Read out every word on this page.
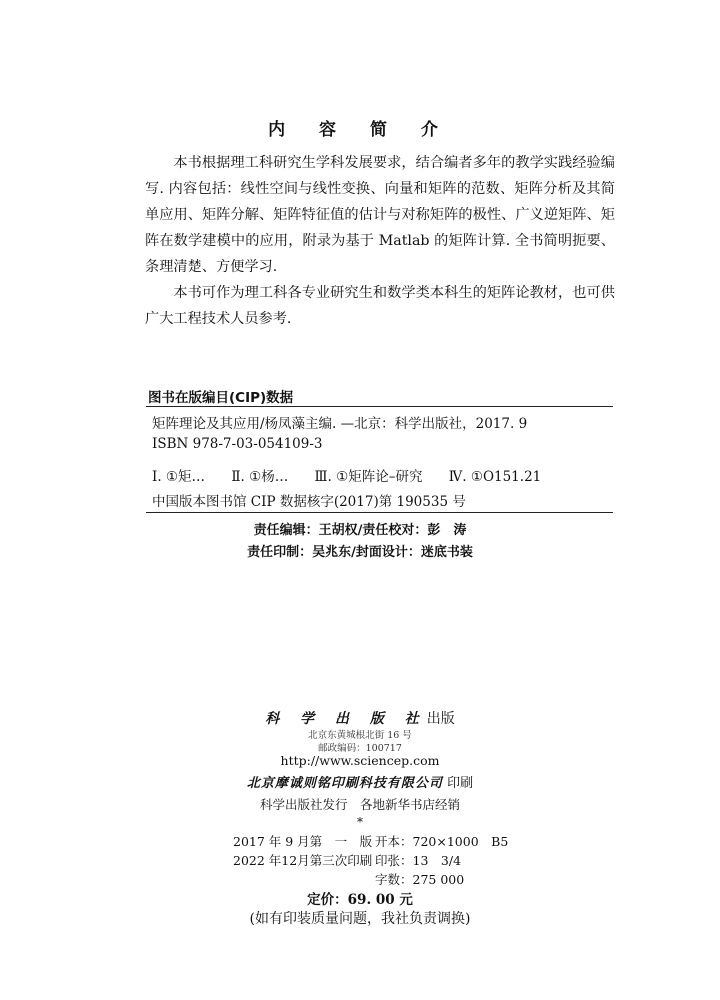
内 容 简 介

本书根据理工科研究生学科发展要求，结合编者多年的教学实践经验编写. 内容包括：线性空间与线性变换、向量和矩阵的范数、矩阵分析及其简单应用、矩阵分解、矩阵特征值的估计与对称矩阵的极性、广义逆矩阵、矩阵在数学建模中的应用，附录为基于 Matlab 的矩阵计算. 全书简明扼要、条理清楚、方便学习.

本书可作为理工科各专业研究生和数学类本科生的矩阵论教材，也可供广大工程技术人员参考.

图书在版编目(CIP)数据
矩阵理论及其应用/杨凤藻主编. —北京：科学出版社，2017. 9
ISBN 978-7-03-054109-3
Ⅰ. ①矩… Ⅱ. ①杨… Ⅲ. ①矩阵论–研究 Ⅳ. ①O151.21
中国版本图书馆 CIP 数据核字(2017)第 190535 号
责任编辑：王胡权/责任校对：彭　涛
责任印制：吴兆东/封面设计：迷底书装
科 学 出 版 社出版
北京东黄城根北街 16 号
邮政编码：100717
http://www.sciencep.com
北京摩诚则铭印刷科技有限公司 印刷
科学出版社发行　各地新华书店经销
*
2017 年 9 月第　一　版 开本：720×1000　B5
2022 年12月第三次印刷 印张：13　3/4
字数：275 000
定价：69. 00 元
(如有印装质量问题，我社负责调换)
